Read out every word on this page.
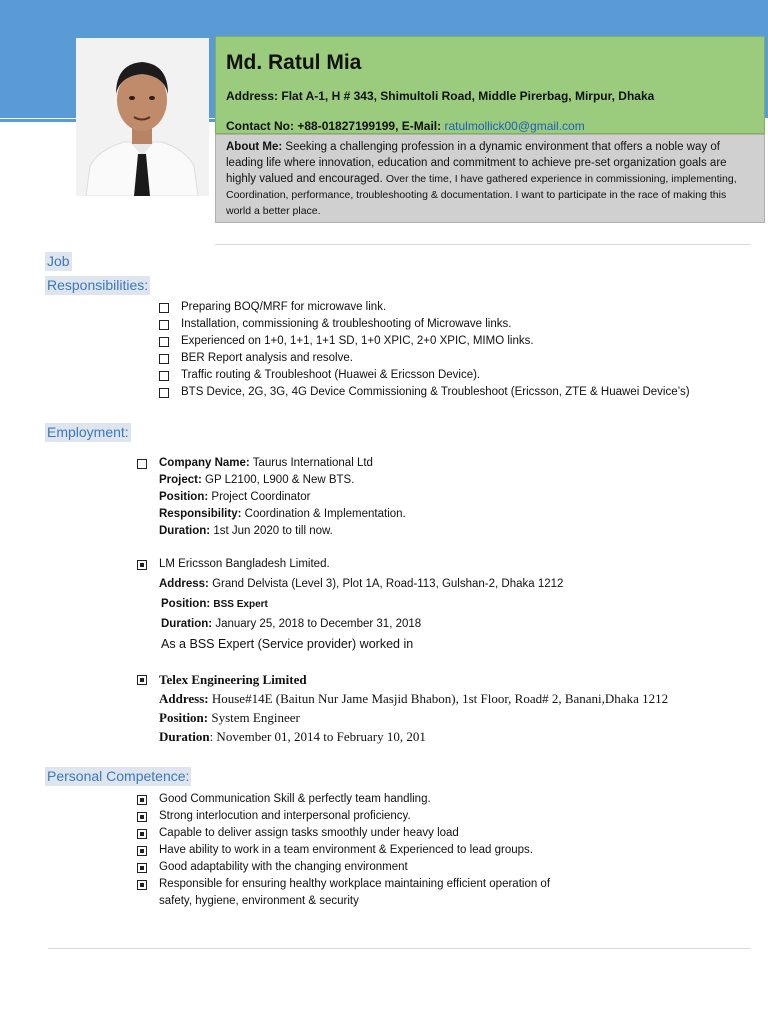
Md. Ratul Mia
Address: Flat A-1, H # 343, Shimultoli Road, Middle Pirerbag, Mirpur, Dhaka
Contact No: +88-01827199199, E-Mail: ratulmollick00@gmail.com
About Me: Seeking a challenging profession in a dynamic environment that offers a noble way of leading life where innovation, education and commitment to achieve pre-set organization goals are highly valued and encouraged. Over the time, I have gathered experience in commissioning, implementing, Coordination, performance, troubleshooting & documentation. I want to participate in the race of making this world a better place.
Job
Responsibilities:
Preparing BOQ/MRF for microwave link.
Installation, commissioning & troubleshooting of Microwave links.
Experienced on 1+0, 1+1, 1+1 SD, 1+0 XPIC, 2+0 XPIC, MIMO links.
BER Report analysis and resolve.
Traffic routing & Troubleshoot (Huawei & Ericsson Device).
BTS Device, 2G, 3G, 4G Device Commissioning & Troubleshoot (Ericsson, ZTE & Huawei Device’s)
Employment:
Company Name: Taurus International Ltd
Project: GP L2100, L900 & New BTS.
Position: Project Coordinator
Responsibility: Coordination & Implementation.
Duration: 1st Jun 2020 to till now.
LM Ericsson Bangladesh Limited.
Address: Grand Delvista (Level 3), Plot 1A, Road-113, Gulshan-2, Dhaka 1212
Position: BSS Expert
Duration: January 25, 2018 to December 31, 2018
As a BSS Expert (Service provider) worked in
Telex Engineering Limited
Address: House#14E (Baitun Nur Jame Masjid Bhabon), 1st Floor, Road# 2, Banani,Dhaka 1212
Position: System Engineer
Duration: November 01, 2014 to February 10, 201
Personal Competence:
Good Communication Skill & perfectly team handling.
Strong interlocution and interpersonal proficiency.
Capable to deliver assign tasks smoothly under heavy load
Have ability to work in a team environment & Experienced to lead groups.
Good adaptability with the changing environment
Responsible for ensuring healthy workplace maintaining efficient operation of
safety, hygiene, environment & security
